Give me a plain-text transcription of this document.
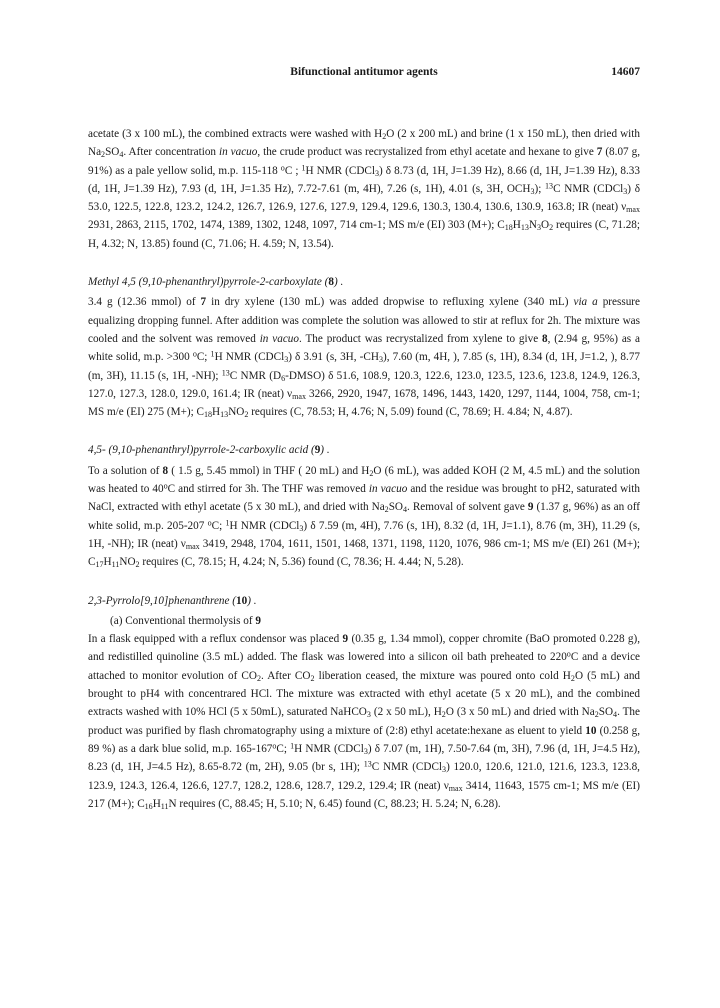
Bifunctional antitumor agents	14607

acetate (3 x 100 mL), the combined extracts were washed with $H_2O$ (2 x 200 mL) and brine (1 x 150 mL), then dried with $Na_2SO_4$. After concentration in vacuo, the crude product was recrystalized from ethyl acetate and hexane to give 7 (8.07 g, 91%) as a pale yellow solid, m.p. 115-118 $^o$C ; $^1$H NMR (CDCl$_3$) δ 8.73 (d, 1H, J=1.39 Hz), 8.66 (d, 1H, J=1.39 Hz), 8.33 (d, 1H, J=1.39 Hz), 7.93 (d, 1H, J=1.35 Hz), 7.72-7.61 (m, 4H), 7.26 (s, 1H), 4.01 (s, 3H, $OCH_3$); $^{13}$C NMR (CDCl$_3$) δ 53.0, 122.5, 122.8, 123.2, 124.2, 126.7, 126.9, 127.6, 127.9, 129.4, 129.6, 130.3, 130.4, 130.6, 130.9, 163.8; IR (neat) $\nu_{max}$ 2931, 2863, 2115, 1702, 1474, 1389, 1302, 1248, 1097, 714 cm-1; MS m/e (EI) 303 (M+); $C_{18}H_{13}N_3O_2$ requires (C, 71.28; H, 4.32; N, 13.85) found (C, 71.06; H. 4.59; N, 13.54).

Methyl 4,5 (9,10-phenanthryl)pyrrole-2-carboxylate (8) .

3.4 g (12.36 mmol) of 7 in dry xylene (130 mL) was added dropwise to refluxing xylene (340 mL) via a pressure equalizing dropping funnel. After addition was complete the solution was allowed to stir at reflux for 2h. The mixture was cooled and the solvent was removed in vacuo. The product was recrystalized from xylene to give 8, (2.94 g, 95%) as a white solid, m.p. >300 $^o$C; $^1$H NMR (CDCl$_3$) δ 3.91 (s, 3H, $-CH_3$), 7.60 (m, 4H, ), 7.85 (s, 1H), 8.34 (d, 1H, J=1.2, ), 8.77 (m, 3H), 11.15 (s, 1H, -NH); $^{13}$C NMR $(D_6-DMSO)$ δ 51.6, 108.9, 120.3, 122.6, 123.0, 123.5, 123.6, 123.8, 124.9, 126.3, 127.0, 127.3, 128.0, 129.0, 161.4; IR (neat) $\nu_{max}$ 3266, 2920, 1947, 1678, 1496, 1443, 1420, 1297, 1144, 1004, 758, cm-1; MS m/e (EI) 275 (M+); $C_{18}H_{13}NO_2$ requires (C, 78.53; H, 4.76; N, 5.09) found (C, 78.69; H. 4.84; N, 4.87).

4,5- (9,10-phenanthryl)pyrrole-2-carboxylic acid (9) .

To a solution of 8 ( 1.5 g, 5.45 mmol) in THF ( 20 mL) and $H_2O$ (6 mL), was added KOH (2 M, 4.5 mL) and the solution was heated to 40$^o$C and stirred for 3h. The THF was removed in vacuo and the residue was brought to pH2, saturated with NaCl, extracted with ethyl acetate (5 x 30 mL), and dried with $Na_2SO_4$. Removal of solvent gave 9 (1.37 g, 96%) as an off white solid, m.p. 205-207 $^o$C; $^1$H NMR (CDCl$_3$) δ 7.59 (m, 4H), 7.76 (s, 1H), 8.32 (d, 1H, J=1.1), 8.76 (m, 3H), 11.29 (s, 1H, -NH); IR (neat) $\nu_{max}$ 3419, 2948, 1704, 1611, 1501, 1468, 1371, 1198, 1120, 1076, 986 cm-1; MS m/e (EI) 261 (M+); $C_{17}H_{11}NO_2$ requires (C, 78.15; H, 4.24; N, 5.36) found (C, 78.36; H. 4.44; N, 5.28).

2,3-Pyrrolo[9,10]phenanthrene (10) .

(a) Conventional thermolysis of 9

In a flask equipped with a reflux condensor was placed 9 (0.35 g, 1.34 mmol), copper chromite (BaO promoted 0.228 g), and redistilled quinoline (3.5 mL) added. The flask was lowered into a silicon oil bath preheated to 220$^o$C and a device attached to monitor evolution of $CO_2$. After $CO_2$ liberation ceased, the mixture was poured onto cold $H_2O$ (5 mL) and brought to pH4 with concentrared HCl. The mixture was extracted with ethyl acetate (5 x 20 mL), and the combined extracts washed with 10% HCl (5 x 50mL), saturated NaHCO$_3$ (2 x 50 mL), $H_2O$ (3 x 50 mL) and dried with $Na_2SO_4$. The product was purified by flash chromatography using a mixture of (2:8) ethyl acetate:hexane as eluent to yield 10 (0.258 g, 89 %) as a dark blue solid, m.p. 165-167$^o$C; $^1$H NMR (CDCl$_3$) δ 7.07 (m, 1H), 7.50-7.64 (m, 3H), 7.96 (d, 1H, J=4.5 Hz), 8.23 (d, 1H, J=4.5 Hz), 8.65-8.72 (m, 2H), 9.05 (br s, 1H); $^{13}$C NMR (CDCl$_3$) 120.0, 120.6, 121.0, 121.6, 123.3, 123.8, 123.9, 124.3, 126.4, 126.6, 127.7, 128.2, 128.6, 128.7, 129.2, 129.4; IR (neat) $\nu_{max}$ 3414, 11643, 1575 cm-1; MS m/e (EI) 217 (M+); $C_{16}H_{11}N$ requires (C, 88.45; H, 5.10; N, 6.45) found (C, 88.23; H. 5.24; N, 6.28).
